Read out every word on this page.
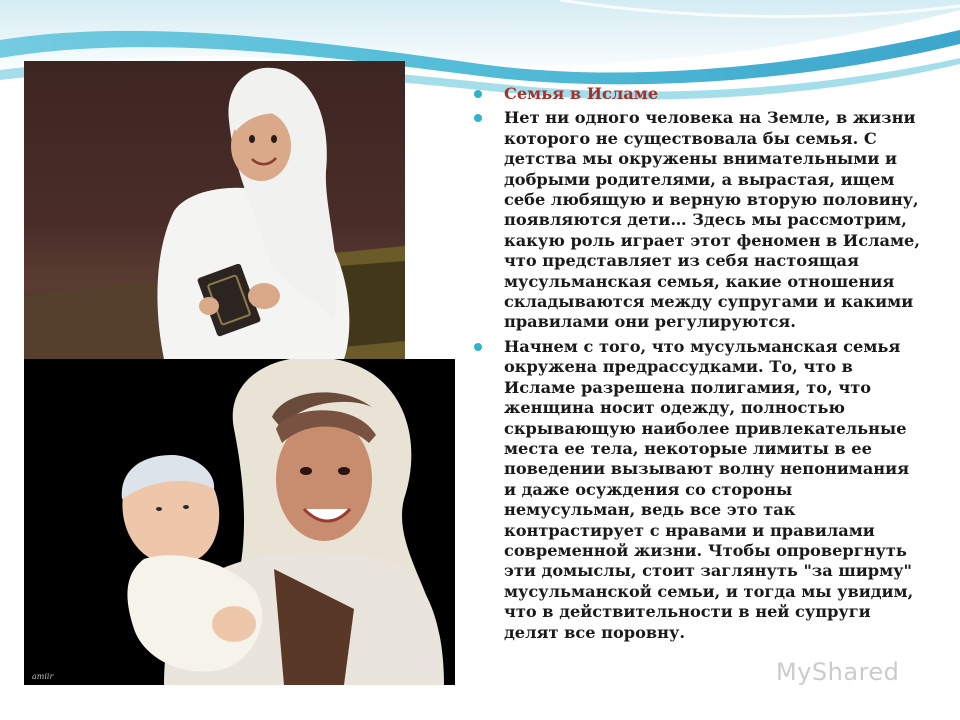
amiir
Семья в Исламе
Нет ни одного человека на Земле, в жизни которого не существовала бы семья. С детства мы окружены внимательными и добрыми родителями, а вырастая, ищем себе любящую и верную вторую половину, появляются дети… Здесь мы рассмотрим, какую роль играет этот феномен в Исламе, что представляет из себя настоящая мусульманская семья, какие отношения складываются между супругами и какими правилами они регулируются.
Начнем с того, что мусульманская семья окружена предрассудками. То, что в Исламе разрешена полигамия, то, что женщина носит одежду, полностью скрывающую наиболее привлекательные места ее тела, некоторые лимиты в ее поведении вызывают волну непонимания и даже осуждения со стороны немусульман, ведь все это так контрастирует с нравами и правилами современной жизни. Чтобы опровергнуть эти домыслы, стоит заглянуть "за ширму" мусульманской семьи, и тогда мы увидим, что в действительности в ней супруги делят все поровну.
MyShared
